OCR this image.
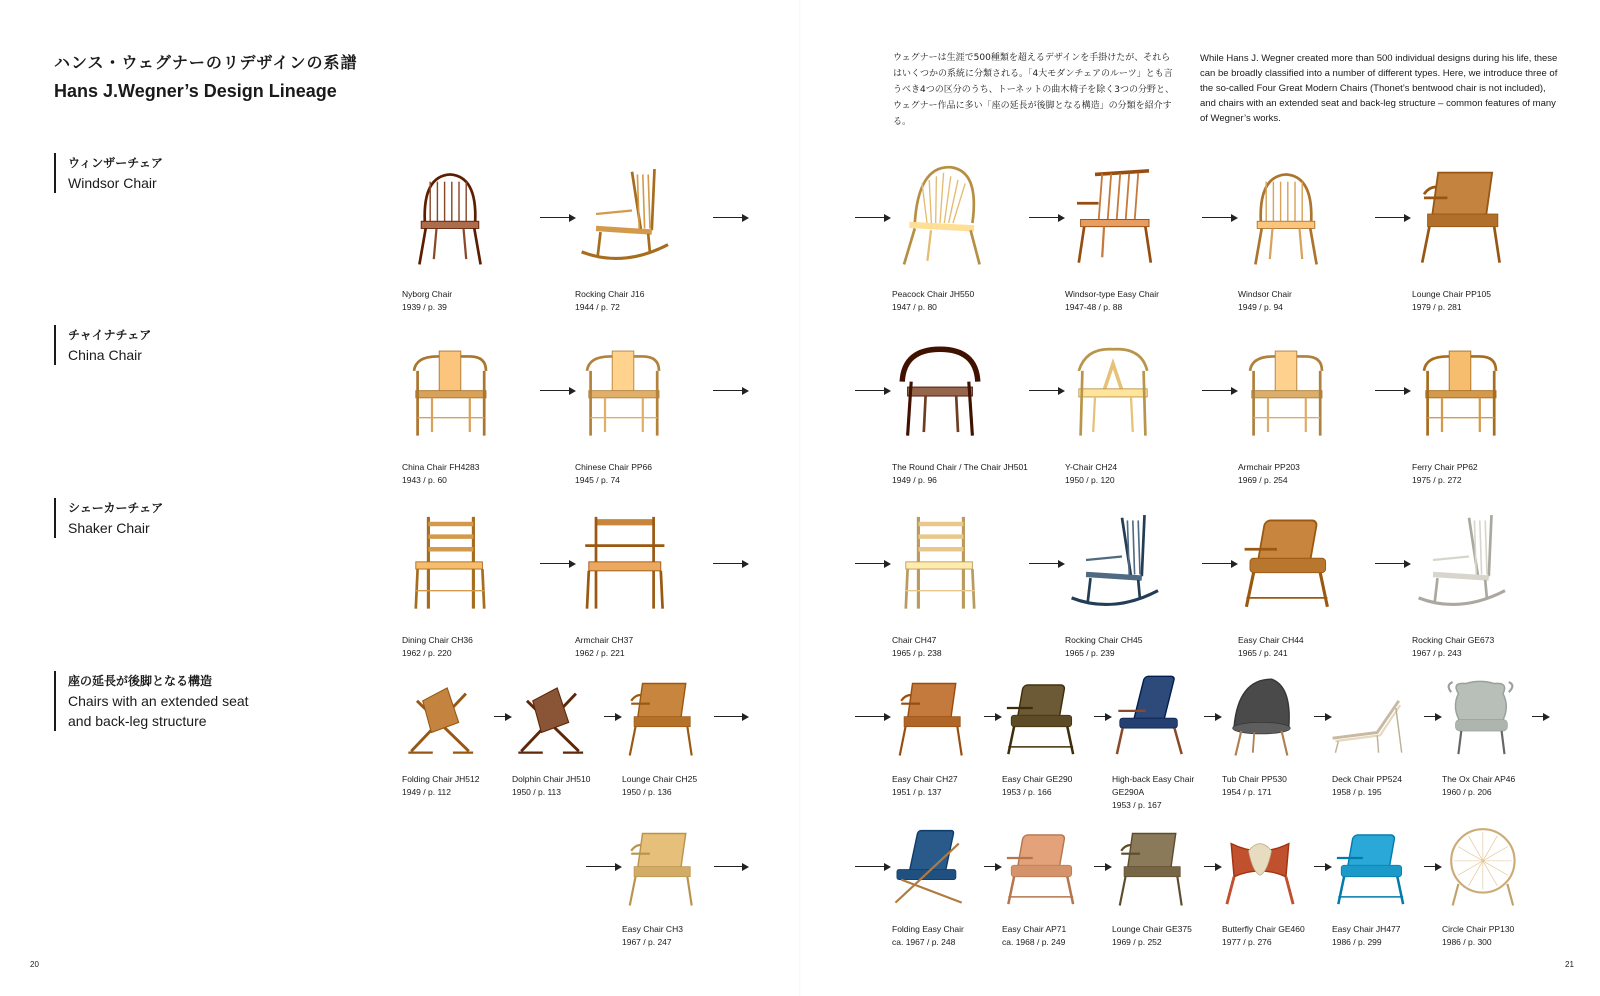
ハンス・ウェグナーのリデザインの系譜
Hans J.Wegner’s Design Lineage
ウェグナーは生涯で500種類を超えるデザインを手掛けたが、それらはいくつかの系統に分類される。「4大モダンチェアのルーツ」とも言うべき4つの区分のうち、トーネットの曲木椅子を除く3つの分野と、ウェグナー作品に多い「座の延長が後脚となる構造」の分類を紹介する。
While Hans J. Wegner created more than 500 individual designs during his life, these can be broadly classified into a number of different types. Here, we introduce three of the so-called Four Great Modern Chairs (Thonet’s bentwood chair is not included), and chairs with an extended seat and back-leg structure – common features of many of Wegner’s works.
ウィンザーチェア
Windsor Chair
チャイナチェア
China Chair
シェーカーチェア
Shaker Chair
座の延長が後脚となる構造
Chairs with an extended seat
and back-leg structure
Nyborg Chair
1939 / p. 39
Rocking Chair J16
1944 / p. 72
Peacock Chair JH550
1947 / p. 80
Windsor-type Easy Chair
1947-48 / p. 88
Windsor Chair
1949 / p. 94
Lounge Chair PP105
1979 / p. 281
China Chair FH4283
1943 / p. 60
Chinese Chair PP66
1945 / p. 74
The Round Chair / The Chair JH501
1949 / p. 96
Y-Chair CH24
1950 / p. 120
Armchair PP203
1969 / p. 254
Ferry Chair PP62
1975 / p. 272
Dining Chair CH36
1962 / p. 220
Armchair CH37
1962 / p. 221
Chair CH47
1965 / p. 238
Rocking Chair CH45
1965 / p. 239
Easy Chair CH44
1965 / p. 241
Rocking Chair GE673
1967 / p. 243
Folding Chair JH512
1949 / p. 112
Dolphin Chair JH510
1950 / p. 113
Lounge Chair CH25
1950 / p. 136
Easy Chair CH27
1951 / p. 137
Easy Chair GE290
1953 / p. 166
High-back Easy Chair
GE290A
1953 / p. 167
Tub Chair PP530
1954 / p. 171
Deck Chair PP524
1958 / p. 195
The Ox Chair AP46
1960 / p. 206
Easy Chair CH3
1967 / p. 247
Folding Easy Chair
ca. 1967 / p. 248
Easy Chair AP71
ca. 1968 / p. 249
Lounge Chair GE375
1969 / p. 252
Butterfly Chair GE460
1977 / p. 276
Easy Chair JH477
1986 / p. 299
Circle Chair PP130
1986 / p. 300
20	21
